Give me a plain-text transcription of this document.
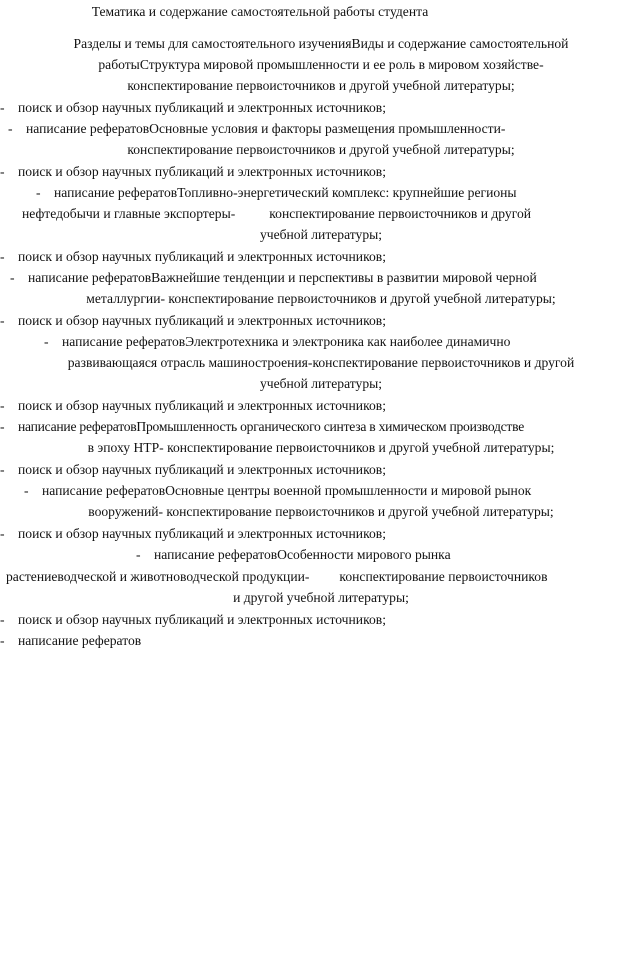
Тематика и содержание самостоятельной работы студента
Разделы и темы для самостоятельного изученияВиды и содержание самостоятельной
работыСтруктура мировой промышленности и ее роль в мировом хозяйстве-
конспектирование первоисточников и другой учебной литературы;
- поиск и обзор научных публикаций и электронных источников;
- написание рефератовОсновные условия и факторы размещения промышленности-
конспектирование первоисточников и другой учебной литературы;
- поиск и обзор научных публикаций и электронных источников;
- написание рефератовТопливно-энергетический комплекс: крупнейшие регионы
нефтедобычи и главные экспортеры-	конспектирование первоисточников и другой
учебной литературы;
- поиск и обзор научных публикаций и электронных источников;
- написание рефератовВажнейшие тенденции и перспективы в развитии мировой черной
металлургии- конспектирование первоисточников и другой учебной литературы;
- поиск и обзор научных публикаций и электронных источников;
- написание рефератовЭлектротехника и электроника как наиболее динамично
развивающаяся отрасль машиностроения-конспектирование первоисточников и другой
учебной литературы;
- поиск и обзор научных публикаций и электронных источников;
- написание рефератовПромышленность органического синтеза в химическом производстве
в эпоху НТР- конспектирование первоисточников и другой учебной литературы;
- поиск и обзор научных публикаций и электронных источников;
- написание рефератовОсновные центры военной промышленности и мировой рынок
вооружений- конспектирование первоисточников и другой учебной литературы;
- поиск и обзор научных публикаций и электронных источников;
- написание рефератовОсобенности мирового рынка
растениеводческой и животноводческой продукции- конспектирование первоисточников
и другой учебной литературы;
- поиск и обзор научных публикаций и электронных источников;
- написание рефератов
